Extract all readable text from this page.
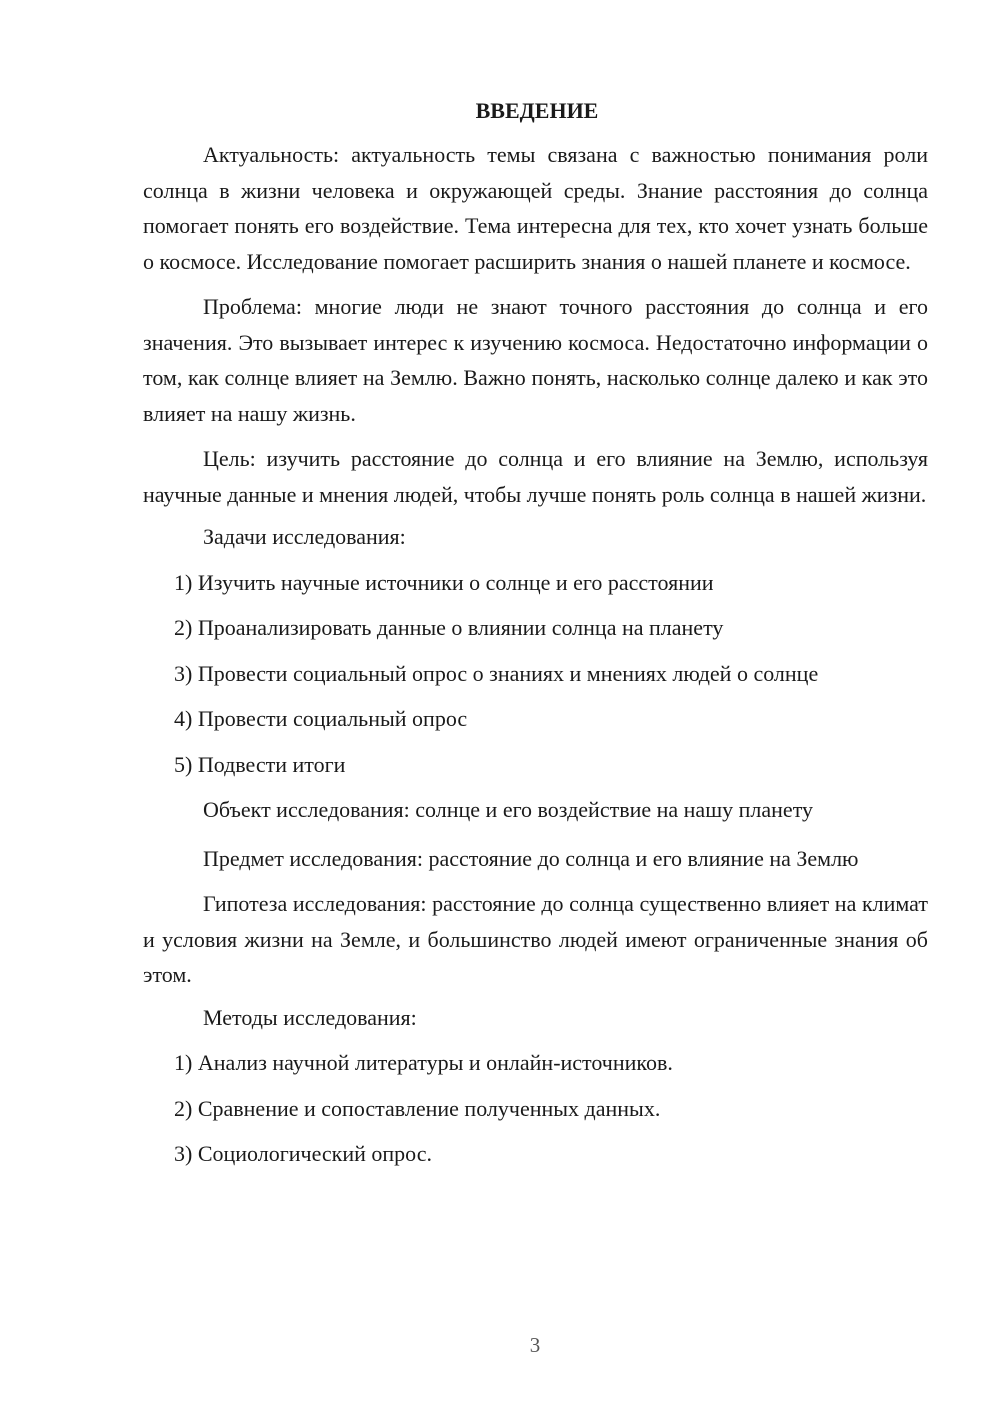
ВВЕДЕНИЕ

Актуальность: актуальность темы связана с важностью понимания роли солнца в жизни человека и окружающей среды. Знание расстояния до солнца помогает понять его воздействие. Тема интересна для тех, кто хочет узнать больше о космосе. Исследование помогает расширить знания о нашей планете и космосе.

Проблема: многие люди не знают точного расстояния до солнца и его значения. Это вызывает интерес к изучению космоса. Недостаточно информации о том, как солнце влияет на Землю. Важно понять, насколько солнце далеко и как это влияет на нашу жизнь.

Цель: изучить расстояние до солнца и его влияние на Землю, используя научные данные и мнения людей, чтобы лучше понять роль солнца в нашей жизни.

Задачи исследования:
1) Изучить научные источники о солнце и его расстоянии
2) Проанализировать данные о влиянии солнца на планету
3) Провести социальный опрос о знаниях и мнениях людей о солнце
4) Провести социальный опрос
5) Подвести итоги
Объект исследования: солнце и его воздействие на нашу планету

Предмет исследования: расстояние до солнца и его влияние на Землю

Гипотеза исследования: расстояние до солнца существенно влияет на климат и условия жизни на Земле, и большинство людей имеют ограниченные знания об этом.

Методы исследования:
1) Анализ научной литературы и онлайн-источников.
2) Сравнение и сопоставление полученных данных.
3) Социологический опрос.
3
